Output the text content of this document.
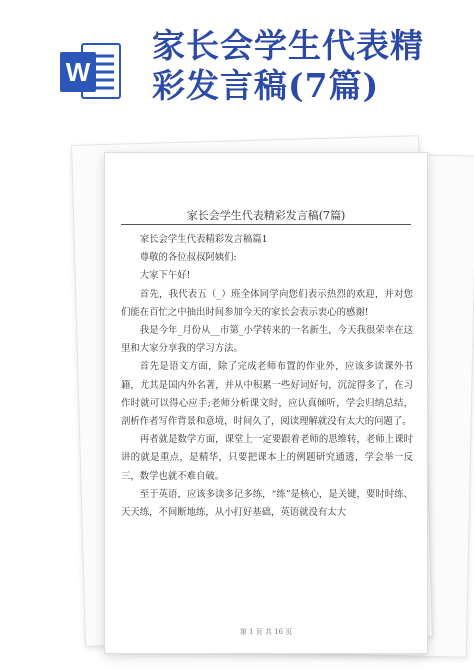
W
家长会学生代表精
彩发言稿(7篇)
家长会学生代表精彩发言稿(7篇)

家长会学生代表精彩发言稿篇1

尊敬的各位叔叔阿姨们:

大家下午好!

首先，我代表五（_）班全体同学向您们表示热烈的欢迎，并对您们能在百忙之中抽出时间参加今天的家长会表示衷心的感谢!

我是今年_月份从__市第_小学转来的一名新生，今天我很荣幸在这里和大家分享我的学习方法。

首先是语文方面，除了完成老师布置的作业外，应该多读课外书籍，尤其是国内外名著，并从中积累一些好词好句，沉淀得多了，在习作时就可以得心应手;老师分析课文时，应认真倾听，学会归纳总结，剖析作者写作背景和意境，时间久了，阅读理解就没有太大的问题了。

再者就是数学方面，课堂上一定要跟着老师的思维转，老师上课时讲的就是重点，是精华，只要把课本上的例题研究通透，学会举一反三，数学也就不难自破。

至于英语，应该多读多记多练，“练”是核心，是关键，要时时练、天天练，不间断地练，从小打好基础，英语就没有太大

第 1 页 共 16 页
